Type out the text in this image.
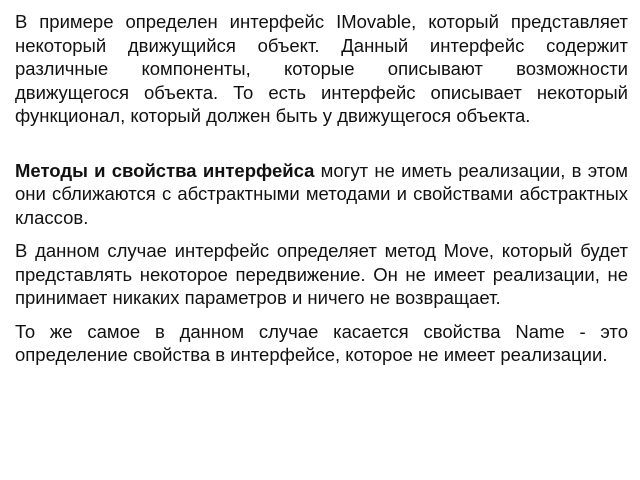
В примере определен интерфейс IMovable, который представляет некоторый движущийся объект. Данный интерфейс содержит различные компоненты, которые описывают возможности движущегося объекта. То есть интерфейс описывает некоторый функционал, который должен быть у движущегося объекта.

Методы и свойства интерфейса могут не иметь реализации, в этом они сближаются с абстрактными методами и свойствами абстрактных классов.

В данном случае интерфейс определяет метод Move, который будет представлять некоторое передвижение. Он не имеет реализации, не принимает никаких параметров и ничего не возвращает.

То же самое в данном случае касается свойства Name - это определение свойства в интерфейсе, которое не имеет реализации.
